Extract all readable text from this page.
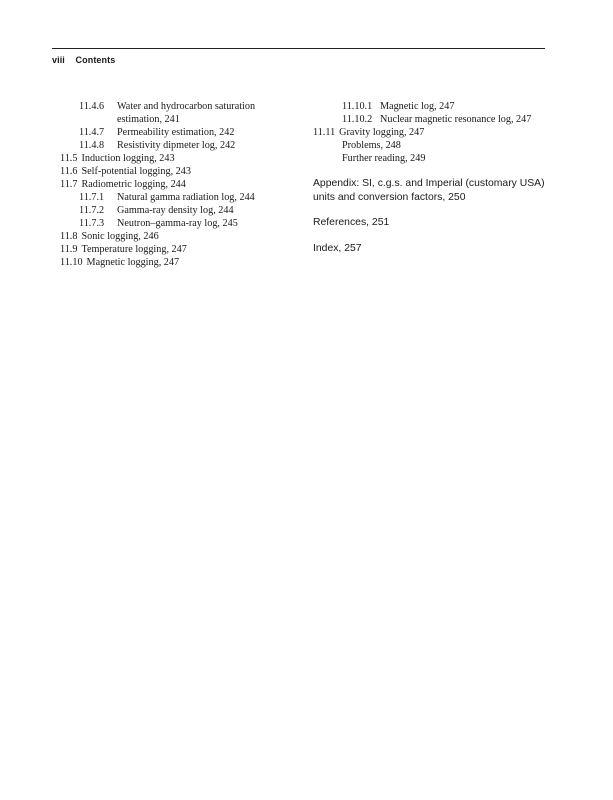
viii Contents
11.4.6 Water and hydrocarbon saturation
estimation, 241
11.4.7 Permeability estimation, 242
11.4.8 Resistivity dipmeter log, 242
11.5 Induction logging, 243
11.6 Self-potential logging, 243
11.7 Radiometric logging, 244
11.7.1 Natural gamma radiation log, 244
11.7.2 Gamma-ray density log, 244
11.7.3 Neutron–gamma-ray log, 245
11.8 Sonic logging, 246
11.9 Temperature logging, 247
11.10 Magnetic logging, 247
11.10.1 Magnetic log, 247
11.10.2 Nuclear magnetic resonance log, 247
11.11 Gravity logging, 247
Problems, 248
Further reading, 249
Appendix: SI, c.g.s. and Imperial (customary USA)
units and conversion factors, 250
References, 251
Index, 257
